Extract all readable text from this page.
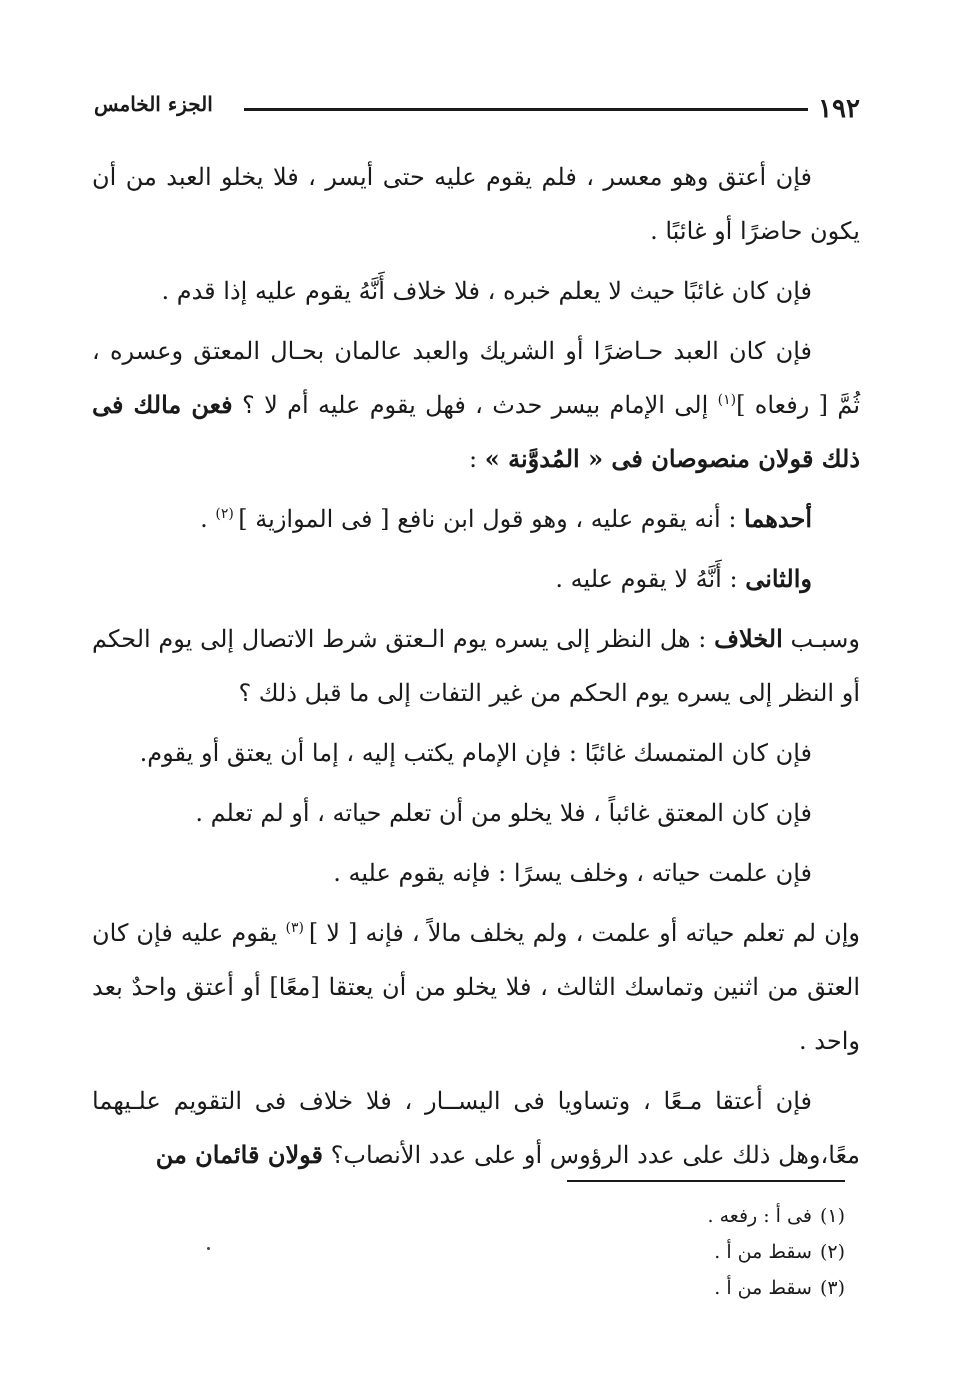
١٩٢
الجزء الخامس

فإن أعتق وهو معسر ، فلم يقوم عليه حتى أيسر ، فلا يخلو العبد من أن يكون حاضرًا أو غائبًا .

فإن كان غائبًا حيث لا يعلم خبره ، فلا خلاف أَنَّهُ يقوم عليه إذا قدم .

فإن كان العبد حـاضرًا أو الشريك والعبد عالمان بحـال المعتق وعسره ، ثُمَّ [ رفعاه ]$^{(١)}$ إلى الإمام بيسر حدث ، فهل يقوم عليه أم لا ؟ فعن مالك فى ذلك قولان منصوصان فى « المُدوَّنة » :

أحدهما : أنه يقوم عليه ، وهو قول ابن نافع [ فى الموازية ] $^{(٢)}$ .

والثانى : أَنَّهُ لا يقوم عليه .

وسبـب الخلاف : هل النظر إلى يسره يوم الـعتق شرط الاتصال إلى يوم الحكم أو النظر إلى يسره يوم الحكم من غير التفات إلى ما قبل ذلك ؟

فإن كان المتمسك غائبًا : فإن الإمام يكتب إليه ، إما أن يعتق أو يقوم.

فإن كان المعتق غائباً ، فلا يخلو من أن تعلم حياته ، أو لم تعلم .

فإن علمت حياته ، وخلف يسرًا : فإنه يقوم عليه .

وإن لم تعلم حياته أو علمت ، ولم يخلف مالاً ، فإنه [ لا ] $^{(٣)}$ يقوم عليه فإن كان العتق من اثنين وتماسك الثالث ، فلا يخلو من أن يعتقا [معًا] أو أعتق واحدٌ بعد واحد .

فإن أعتقا مـعًا ، وتساويا فى اليســار ، فلا خلاف فى التقويم علـيهما معًا،وهل ذلك على عدد الرؤوس أو على عدد الأنصاب؟ قولان قائمان من

(١)فى أ : رفعه .
(٢)سقط من أ .
(٣)سقط من أ .
